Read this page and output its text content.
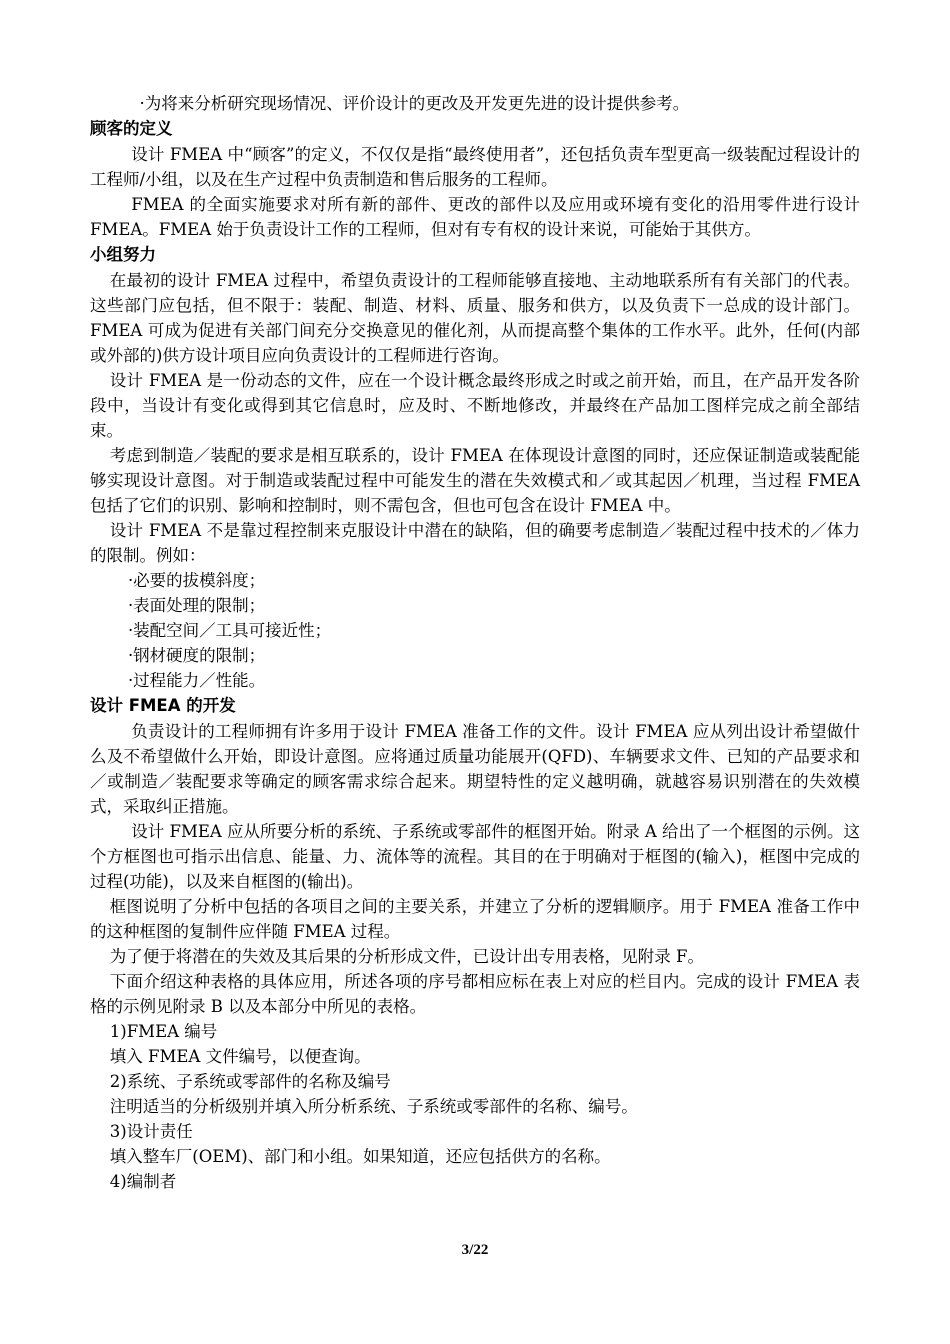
·为将来分析研究现场情况、评价设计的更改及开发更先进的设计提供参考。

顾客的定义

设计 FMEA 中“顾客”的定义，不仅仅是指“最终使用者”，还包括负责车型更高一级装配过程设计的工程师/小组，以及在生产过程中负责制造和售后服务的工程师。

FMEA 的全面实施要求对所有新的部件、更改的部件以及应用或环境有变化的沿用零件进行设计 FMEA。FMEA 始于负责设计工作的工程师，但对有专有权的设计来说，可能始于其供方。

小组努力

在最初的设计 FMEA 过程中，希望负责设计的工程师能够直接地、主动地联系所有有关部门的代表。这些部门应包括，但不限于：装配、制造、材料、质量、服务和供方，以及负责下一总成的设计部门。FMEA 可成为促进有关部门间充分交换意见的催化剂，从而提高整个集体的工作水平。此外，任何(内部或外部的)供方设计项目应向负责设计的工程师进行咨询。

设计 FMEA 是一份动态的文件，应在一个设计概念最终形成之时或之前开始，而且，在产品开发各阶段中，当设计有变化或得到其它信息时，应及时、不断地修改，并最终在产品加工图样完成之前全部结束。

考虑到制造／装配的要求是相互联系的，设计 FMEA 在体现设计意图的同时，还应保证制造或装配能够实现设计意图。对于制造或装配过程中可能发生的潜在失效模式和／或其起因／机理，当过程 FMEA 包括了它们的识别、影响和控制时，则不需包含，但也可包含在设计 FMEA 中。

设计 FMEA 不是靠过程控制来克服设计中潜在的缺陷，但的确要考虑制造／装配过程中技术的／体力的限制。例如：

·必要的拔模斜度；

·表面处理的限制；

·装配空间／工具可接近性；

·钢材硬度的限制；

·过程能力／性能。

设计 FMEA 的开发

负责设计的工程师拥有许多用于设计 FMEA 准备工作的文件。设计 FMEA 应从列出设计希望做什么及不希望做什么开始，即设计意图。应将通过质量功能展开(QFD)、车辆要求文件、已知的产品要求和／或制造／装配要求等确定的顾客需求综合起来。期望特性的定义越明确，就越容易识别潜在的失效模式，采取纠正措施。

设计 FMEA 应从所要分析的系统、子系统或零部件的框图开始。附录 A 给出了一个框图的示例。这个方框图也可指示出信息、能量、力、流体等的流程。其目的在于明确对于框图的(输入)，框图中完成的过程(功能)，以及来自框图的(输出)。

框图说明了分析中包括的各项目之间的主要关系，并建立了分析的逻辑顺序。用于 FMEA 准备工作中的这种框图的复制件应伴随 FMEA 过程。

为了便于将潜在的失效及其后果的分析形成文件，已设计出专用表格，见附录 F。

下面介绍这种表格的具体应用，所述各项的序号都相应标在表上对应的栏目内。完成的设计 FMEA 表格的示例见附录 B 以及本部分中所见的表格。

1)FMEA 编号

填入 FMEA 文件编号，以便查询。

2)系统、子系统或零部件的名称及编号

注明适当的分析级别并填入所分析系统、子系统或零部件的名称、编号。

3)设计责任

填入整车厂(OEM)、部门和小组。如果知道，还应包括供方的名称。

4)编制者

3/22
